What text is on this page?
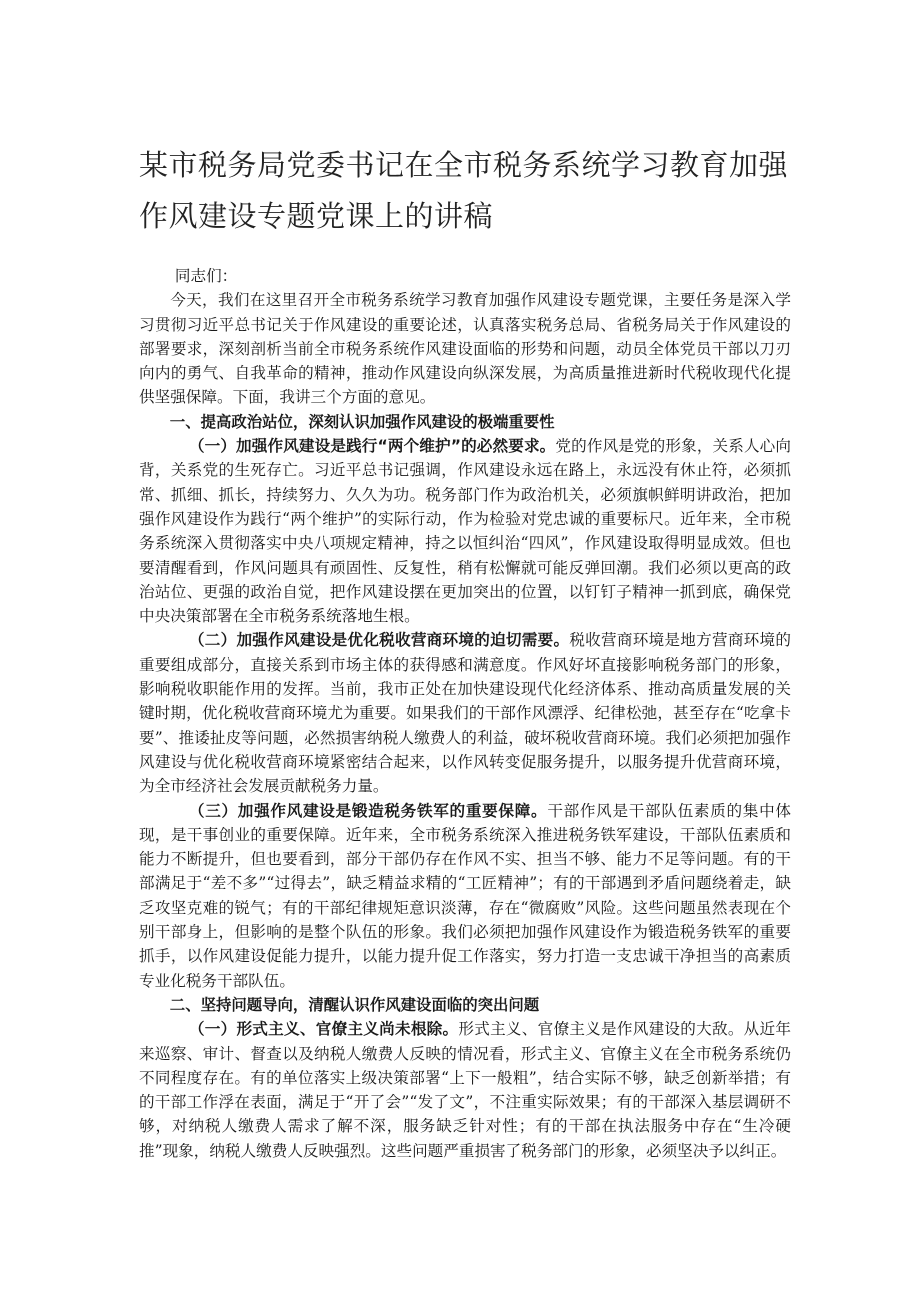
某市税务局党委书记在全市税务系统学习教育加强
作风建设专题党课上的讲稿

同志们：

今天，我们在这里召开全市税务系统学习教育加强作风建设专题党课，主要任务是深入学习贯彻习近平总书记关于作风建设的重要论述，认真落实税务总局、省税务局关于作风建设的部署要求，深刻剖析当前全市税务系统作风建设面临的形势和问题，动员全体党员干部以刀刃向内的勇气、自我革命的精神，推动作风建设向纵深发展，为高质量推进新时代税收现代化提供坚强保障。下面，我讲三个方面的意见。

一、提高政治站位，深刻认识加强作风建设的极端重要性

（一）加强作风建设是践行“两个维护”的必然要求。党的作风是党的形象，关系人心向背，关系党的生死存亡。习近平总书记强调，作风建设永远在路上，永远没有休止符，必须抓常、抓细、抓长，持续努力、久久为功。税务部门作为政治机关，必须旗帜鲜明讲政治，把加强作风建设作为践行“两个维护”的实际行动，作为检验对党忠诚的重要标尺。近年来，全市税务系统深入贯彻落实中央八项规定精神，持之以恒纠治“四风”，作风建设取得明显成效。但也要清醒看到，作风问题具有顽固性、反复性，稍有松懈就可能反弹回潮。我们必须以更高的政治站位、更强的政治自觉，把作风建设摆在更加突出的位置，以钉钉子精神一抓到底，确保党中央决策部署在全市税务系统落地生根。

（二）加强作风建设是优化税收营商环境的迫切需要。税收营商环境是地方营商环境的重要组成部分，直接关系到市场主体的获得感和满意度。作风好坏直接影响税务部门的形象，影响税收职能作用的发挥。当前，我市正处在加快建设现代化经济体系、推动高质量发展的关键时期，优化税收营商环境尤为重要。如果我们的干部作风漂浮、纪律松弛，甚至存在“吃拿卡要”、推诿扯皮等问题，必然损害纳税人缴费人的利益，破坏税收营商环境。我们必须把加强作风建设与优化税收营商环境紧密结合起来，以作风转变促服务提升，以服务提升优营商环境，为全市经济社会发展贡献税务力量。

（三）加强作风建设是锻造税务铁军的重要保障。干部作风是干部队伍素质的集中体现，是干事创业的重要保障。近年来，全市税务系统深入推进税务铁军建设，干部队伍素质和能力不断提升，但也要看到，部分干部仍存在作风不实、担当不够、能力不足等问题。有的干部满足于“差不多”“过得去”，缺乏精益求精的“工匠精神”；有的干部遇到矛盾问题绕着走，缺乏攻坚克难的锐气；有的干部纪律规矩意识淡薄，存在“微腐败”风险。这些问题虽然表现在个别干部身上，但影响的是整个队伍的形象。我们必须把加强作风建设作为锻造税务铁军的重要抓手，以作风建设促能力提升，以能力提升促工作落实，努力打造一支忠诚干净担当的高素质专业化税务干部队伍。

二、坚持问题导向，清醒认识作风建设面临的突出问题

（一）形式主义、官僚主义尚未根除。形式主义、官僚主义是作风建设的大敌。从近年来巡察、审计、督查以及纳税人缴费人反映的情况看，形式主义、官僚主义在全市税务系统仍不同程度存在。有的单位落实上级决策部署“上下一般粗”，结合实际不够，缺乏创新举措；有的干部工作浮在表面，满足于“开了会”“发了文”，不注重实际效果；有的干部深入基层调研不够，对纳税人缴费人需求了解不深，服务缺乏针对性；有的干部在执法服务中存在“生冷硬推”现象，纳税人缴费人反映强烈。这些问题严重损害了税务部门的形象，必须坚决予以纠正。
